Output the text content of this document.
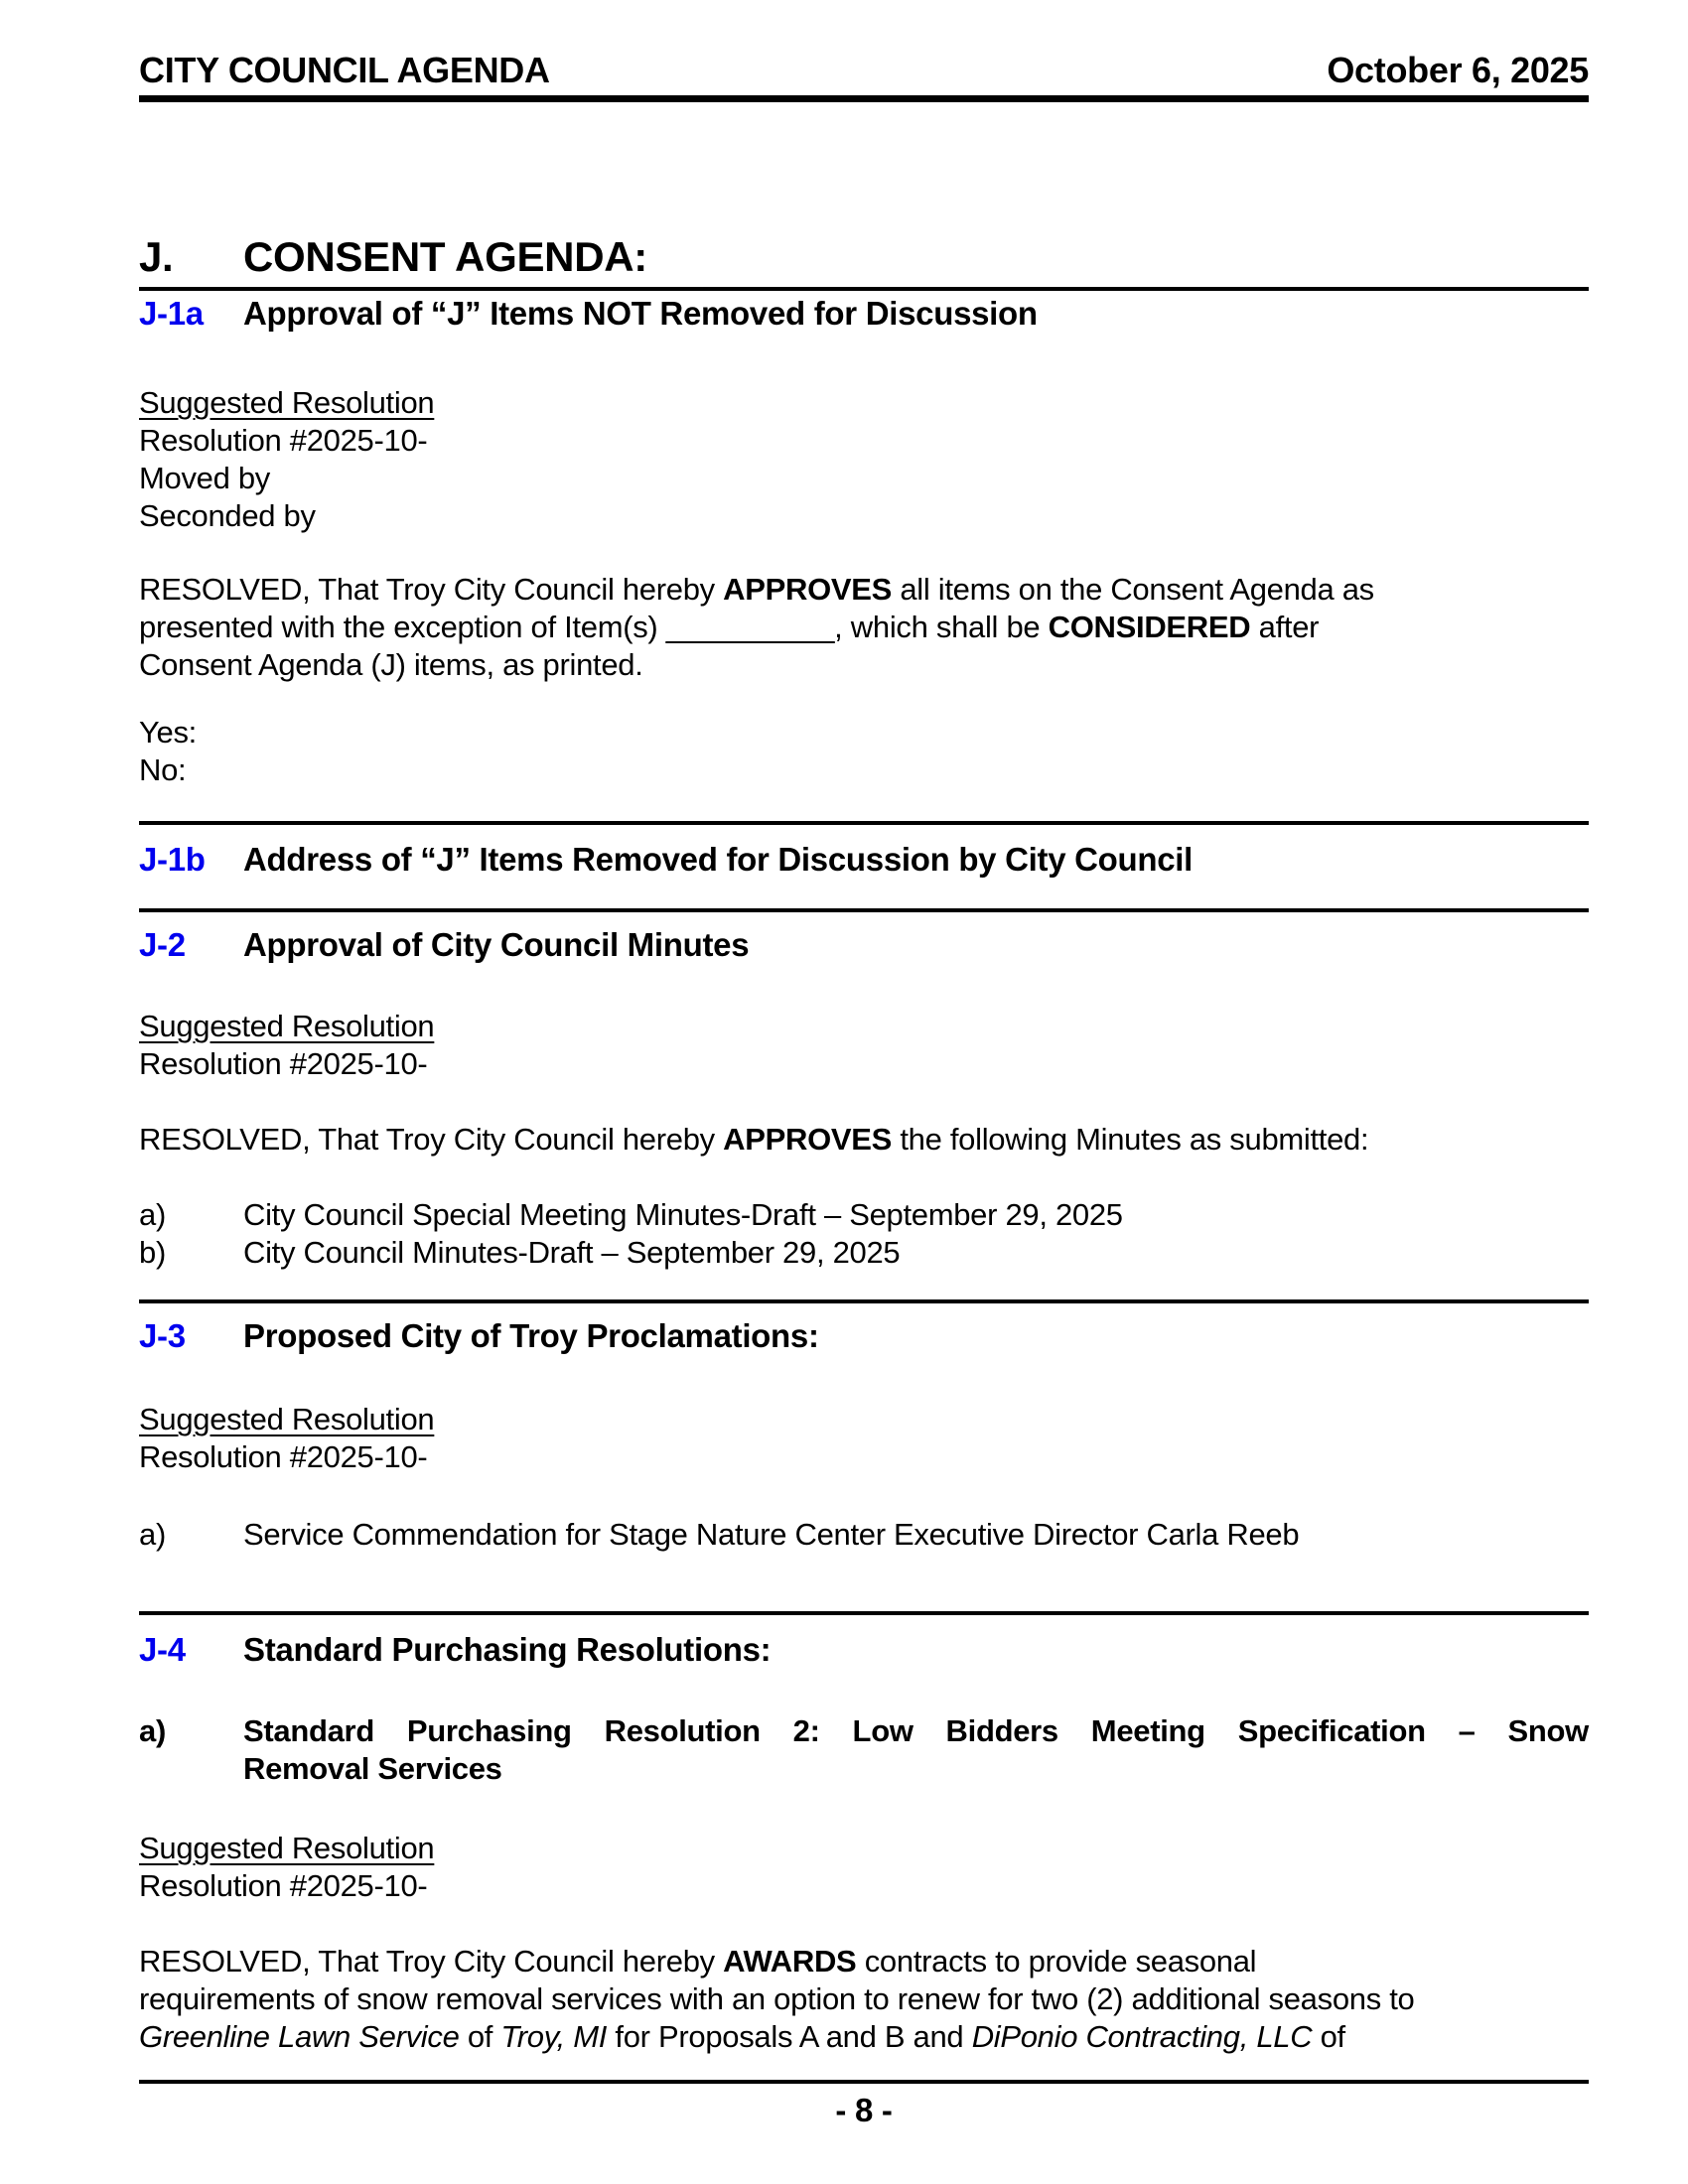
CITY COUNCIL AGENDA	October 6, 2025
J.	CONSENT AGENDA:
J-1a	Approval of “J” Items NOT Removed for Discussion
Suggested Resolution
Resolution #2025-10-
Moved by
Seconded by
RESOLVED, That Troy City Council hereby APPROVES all items on the Consent Agenda as
presented with the exception of Item(s) __________, which shall be CONSIDERED after
Consent Agenda (J) items, as printed.
Yes:
No:
J-1b	Address of “J” Items Removed for Discussion by City Council
J-2	Approval of City Council Minutes
Suggested Resolution
Resolution #2025-10-
RESOLVED, That Troy City Council hereby APPROVES the following Minutes as submitted:
a)	City Council Special Meeting Minutes-Draft – September 29, 2025
b)	City Council Minutes-Draft – September 29, 2025
J-3	Proposed City of Troy Proclamations:
Suggested Resolution
Resolution #2025-10-
a)	Service Commendation for Stage Nature Center Executive Director Carla Reeb
J-4	Standard Purchasing Resolutions:
a)	Standard Purchasing Resolution 2: Low Bidders Meeting Specification – Snow
Removal Services
Suggested Resolution
Resolution #2025-10-
RESOLVED, That Troy City Council hereby AWARDS contracts to provide seasonal
requirements of snow removal services with an option to renew for two (2) additional seasons to
Greenline Lawn Service of Troy, MI for Proposals A and B and DiPonio Contracting, LLC of
- 8 -
